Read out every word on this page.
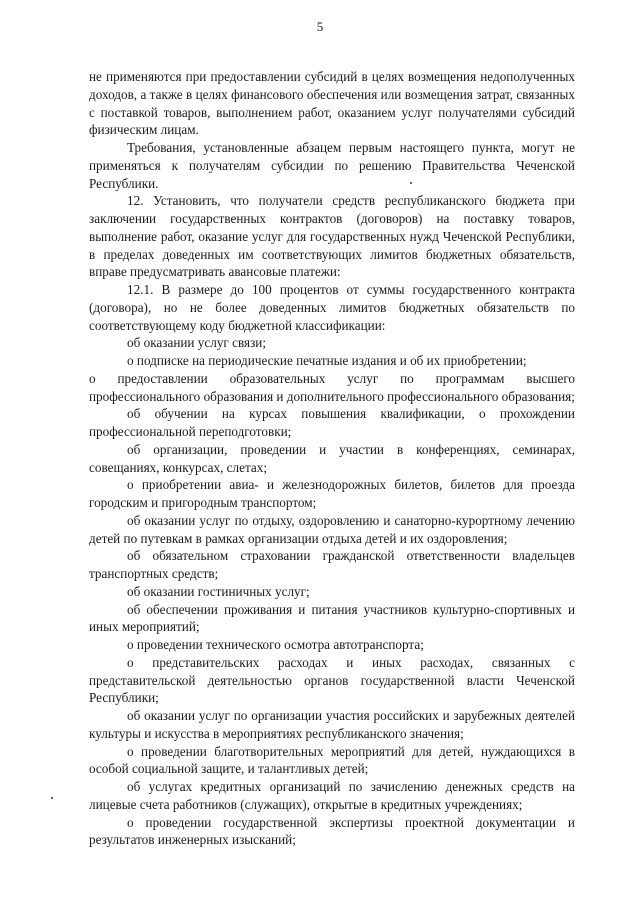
5

не применяются при предоставлении субсидий в целях возмещения недополученных доходов, а также в целях финансового обеспечения или возмещения затрат, связанных с поставкой товаров, выполнением работ, оказанием услуг получателями субсидий физическим лицам.

Требования, установленные абзацем первым настоящего пункта, могут не применяться к получателям субсидии по решению Правительства Чеченской Республики.

12. Установить, что получатели средств республиканского бюджета при заключении государственных контрактов (договоров) на поставку товаров, выполнение работ, оказание услуг для государственных нужд Чеченской Республики, в пределах доведенных им соответствующих лимитов бюджетных обязательств, вправе предусматривать авансовые платежи:

12.1. В размере до 100 процентов от суммы государственного контракта (договора), но не более доведенных лимитов бюджетных обязательств по соответствующему коду бюджетной классификации:

об оказании услуг связи;

о подписке на периодические печатные издания и об их приобретении;

о предоставлении образовательных услуг по программам высшего профессионального образования и дополнительного профессионального образования;

об обучении на курсах повышения квалификации, о прохождении профессиональной переподготовки;

об организации, проведении и участии в конференциях, семинарах, совещаниях, конкурсах, слетах;

о приобретении авиа- и железнодорожных билетов, билетов для проезда городским и пригородным транспортом;

об оказании услуг по отдыху, оздоровлению и санаторно-курортному лечению детей по путевкам в рамках организации отдыха детей и их оздоровления;

об обязательном страховании гражданской ответственности владельцев транспортных средств;

об оказании гостиничных услуг;

об обеспечении проживания и питания участников культурно-спортивных и иных мероприятий;

о проведении технического осмотра автотранспорта;

о представительских расходах и иных расходах, связанных с представительской деятельностью органов государственной власти Чеченской Республики;

об оказании услуг по организации участия российских и зарубежных деятелей культуры и искусства в мероприятиях республиканского значения;

о проведении благотворительных мероприятий для детей, нуждающихся в особой социальной защите, и талантливых детей;

об услугах кредитных организаций по зачислению денежных средств на лицевые счета работников (служащих), открытые в кредитных учреждениях;

о проведении государственной экспертизы проектной документации и результатов инженерных изысканий;
